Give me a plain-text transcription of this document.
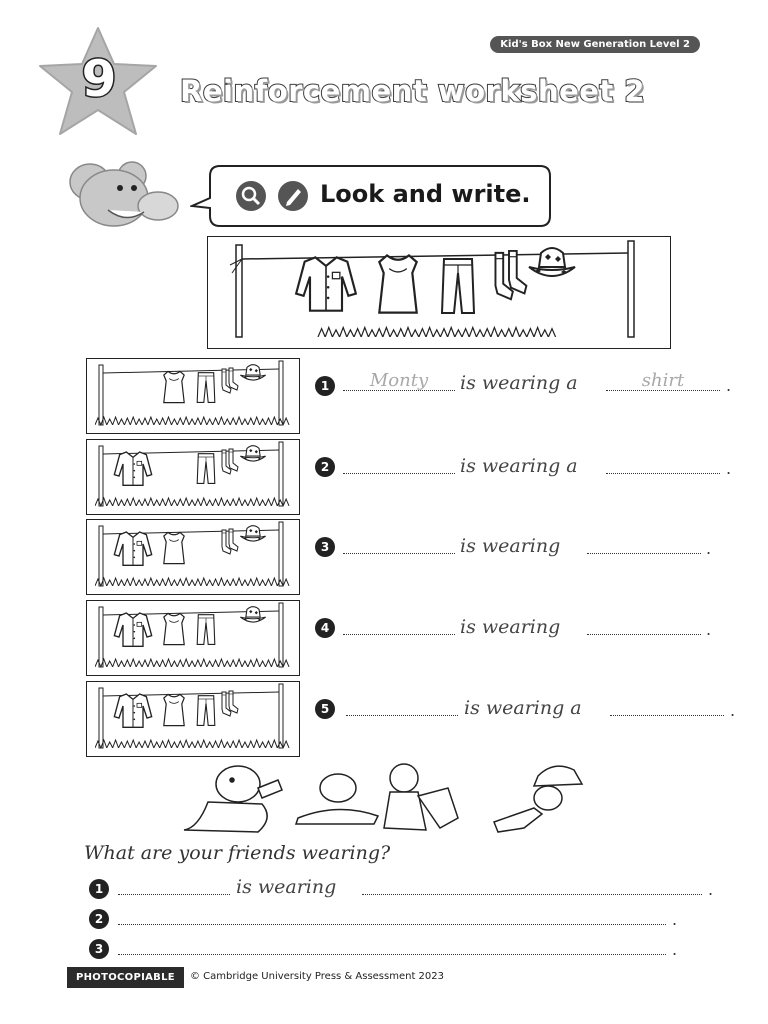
9
Kid's Box New Generation Level 2
Reinforcement worksheet 2
Look and write.
1	Monty	is wearing a	shirt	.
2	is wearing a	.
3	is wearing	.
4	is wearing	.
5	is wearing a	.
What are your friends wearing?
1	is wearing	.
2	.
3	.
PHOTOCOPIABLE	© Cambridge University Press & Assessment 2023
